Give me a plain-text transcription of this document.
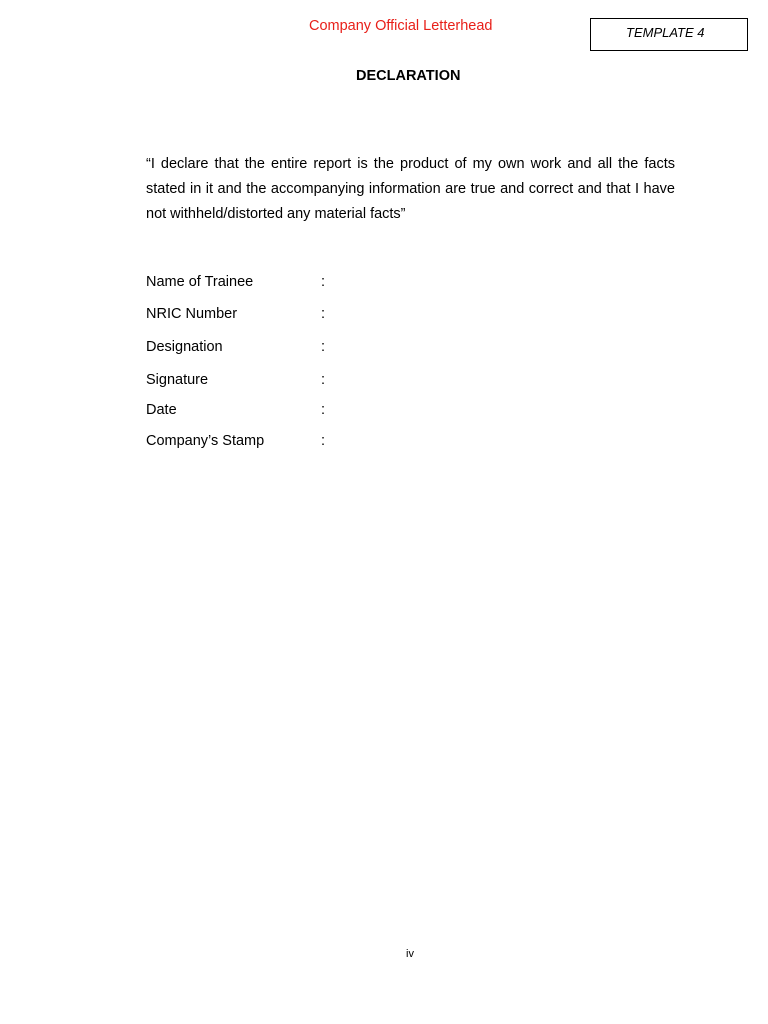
Company Official Letterhead	TEMPLATE 4
DECLARATION

“I declare that the entire report is the product of my own work and all the facts stated in it and the accompanying information are true and correct and that I have not withheld/distorted any material facts”

Name of Trainee	:
NRIC Number	:
Designation	:
Signature	:
Date	:
Company’s Stamp	:
iv
